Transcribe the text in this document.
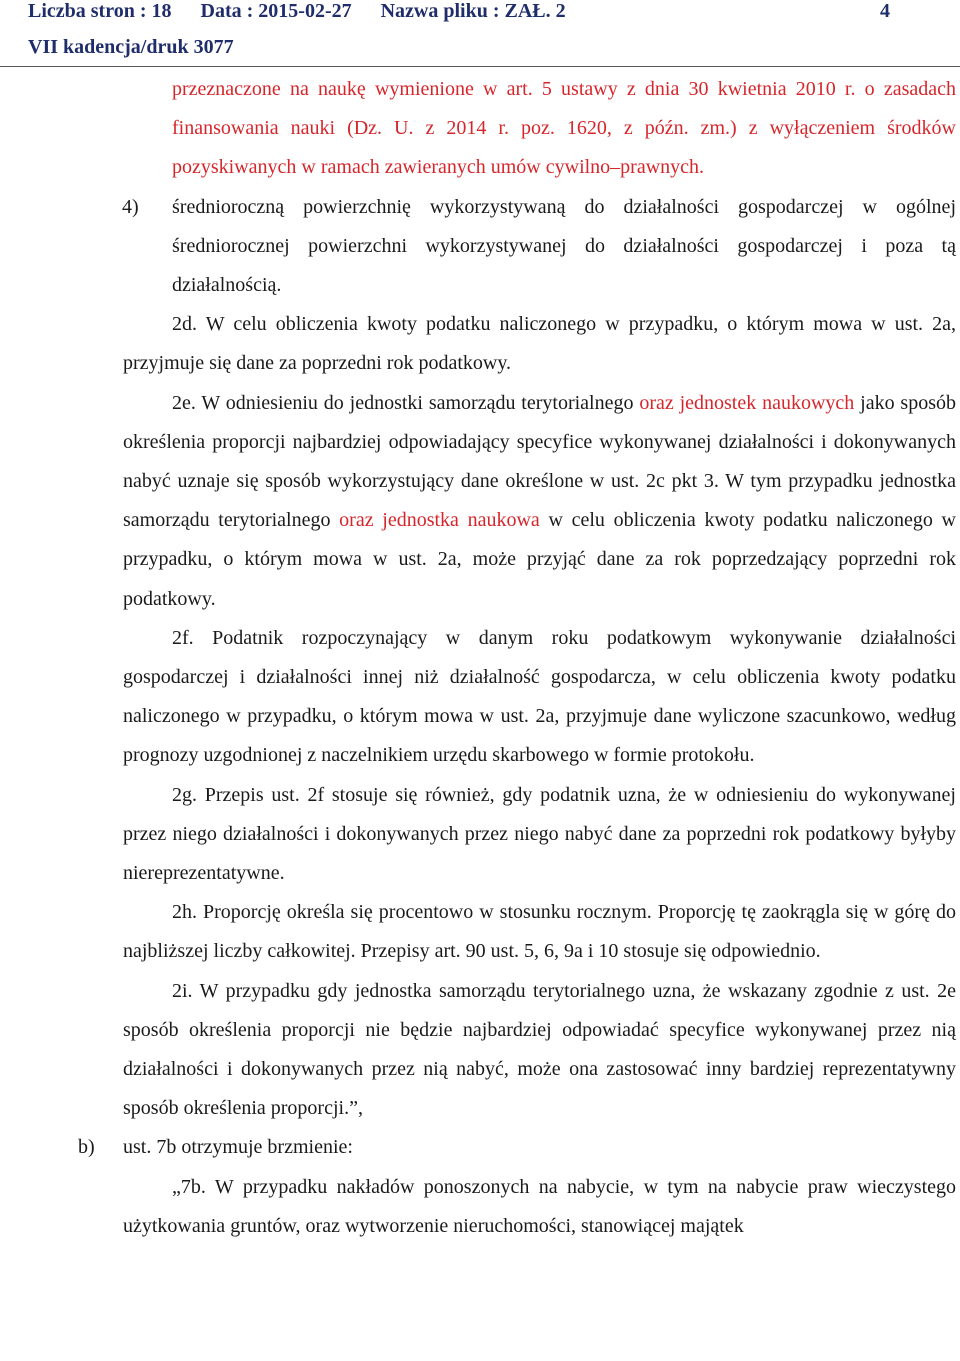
Liczba stron : 18 Data : 2015-02-27 Nazwa pliku : ZAŁ. 2	4
VII kadencja/druk 3077

przeznaczone na naukę wymienione w art. 5 ustawy z dnia 30 kwietnia 2010 r. o zasadach finansowania nauki (Dz. U. z 2014 r. poz. 1620, z późn. zm.) z wyłączeniem środków pozyskiwanych w ramach zawieranych umów cywilno–prawnych.

4) średnioroczną powierzchnię wykorzystywaną do działalności gospodarczej w ogólnej średniorocznej powierzchni wykorzystywanej do działalności gospodarczej i poza tą działalnością.

2d. W celu obliczenia kwoty podatku naliczonego w przypadku, o którym mowa w ust. 2a, przyjmuje się dane za poprzedni rok podatkowy.

2e. W odniesieniu do jednostki samorządu terytorialnego oraz jednostek naukowych jako sposób określenia proporcji najbardziej odpowiadający specyfice wykonywanej działalności i dokonywanych nabyć uznaje się sposób wykorzystujący dane określone w ust. 2c pkt 3. W tym przypadku jednostka samorządu terytorialnego oraz jednostka naukowa w celu obliczenia kwoty podatku naliczonego w przypadku, o którym mowa w ust. 2a, może przyjąć dane za rok poprzedzający poprzedni rok podatkowy.

2f. Podatnik rozpoczynający w danym roku podatkowym wykonywanie działalności gospodarczej i działalności innej niż działalność gospodarcza, w celu obliczenia kwoty podatku naliczonego w przypadku, o którym mowa w ust. 2a, przyjmuje dane wyliczone szacunkowo, według prognozy uzgodnionej z naczelnikiem urzędu skarbowego w formie protokołu.

2g. Przepis ust. 2f stosuje się również, gdy podatnik uzna, że w odniesieniu do wykonywanej przez niego działalności i dokonywanych przez niego nabyć dane za poprzedni rok podatkowy byłyby niereprezentatywne.

2h. Proporcję określa się procentowo w stosunku rocznym. Proporcję tę zaokrągla się w górę do najbliższej liczby całkowitej. Przepisy art. 90 ust. 5, 6, 9a i 10 stosuje się odpowiednio.

2i. W przypadku gdy jednostka samorządu terytorialnego uzna, że wskazany zgodnie z ust. 2e sposób określenia proporcji nie będzie najbardziej odpowiadać specyfice wykonywanej przez nią działalności i dokonywanych przez nią nabyć, może ona zastosować inny bardziej reprezentatywny sposób określenia proporcji.”,

b) ust. 7b otrzymuje brzmienie:

„7b. W przypadku nakładów ponoszonych na nabycie, w tym na nabycie praw wieczystego użytkowania gruntów, oraz wytworzenie nieruchomości, stanowiącej majątek
